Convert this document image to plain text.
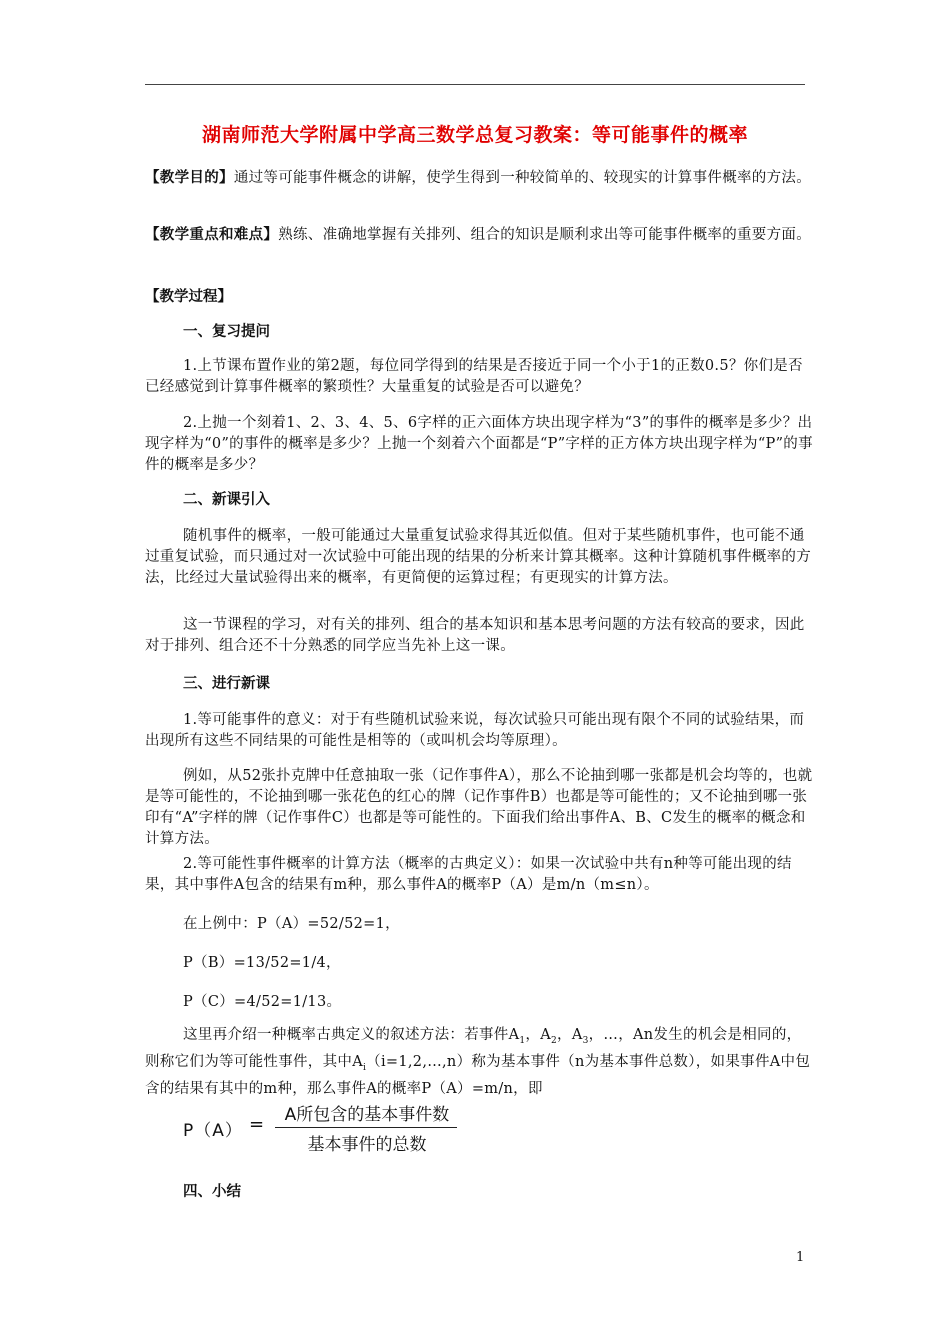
湖南师范大学附属中学高三数学总复习教案：等可能事件的概率
【教学目的】通过等可能事件概念的讲解，使学生得到一种较简单的、较现实的计算事件概率的方法。
【教学重点和难点】熟练、准确地掌握有关排列、组合的知识是顺利求出等可能事件概率的重要方面。
【教学过程】
一、复习提问
1.上节课布置作业的第2题，每位同学得到的结果是否接近于同一个小于1的正数0.5？你们是否已经感觉到计算事件概率的繁琐性？大量重复的试验是否可以避免？
2.上抛一个刻着1、2、3、4、5、6字样的正六面体方块出现字样为“3”的事件的概率是多少？出现字样为“0”的事件的概率是多少？上抛一个刻着六个面都是“P”字样的正方体方块出现字样为“P”的事件的概率是多少？
二、新课引入
随机事件的概率，一般可能通过大量重复试验求得其近似值。但对于某些随机事件，也可能不通过重复试验，而只通过对一次试验中可能出现的结果的分析来计算其概率。这种计算随机事件概率的方法，比经过大量试验得出来的概率，有更简便的运算过程；有更现实的计算方法。
这一节课程的学习，对有关的排列、组合的基本知识和基本思考问题的方法有较高的要求，因此对于排列、组合还不十分熟悉的同学应当先补上这一课。
三、进行新课
1.等可能事件的意义：对于有些随机试验来说，每次试验只可能出现有限个不同的试验结果，而出现所有这些不同结果的可能性是相等的（或叫机会均等原理）。
例如，从52张扑克牌中任意抽取一张（记作事件A），那么不论抽到哪一张都是机会均等的，也就是等可能性的，不论抽到哪一张花色的红心的牌（记作事件B）也都是等可能性的；又不论抽到哪一张印有“A”字样的牌（记作事件C）也都是等可能性的。下面我们给出事件A、B、C发生的概率的概念和计算方法。
2.等可能性事件概率的计算方法（概率的古典定义）：如果一次试验中共有n种等可能出现的结果，其中事件A包含的结果有m种，那么事件A的概率P（A）是m/n（m≤n）。
在上例中：P（A）=52/52=1，
P（B）=13/52=1/4，
P（C）=4/52=1/13。
这里再介绍一种概率古典定义的叙述方法：若事件$A_1$，$A_2$，$A_3$，…，An发生的机会是相同的，则称它们为等可能性事件，其中$A_i(i=1,2,\dots,n)$称为基本事件（n为基本事件总数），如果事件A中包含的结果有其中的m种，那么事件A的概率P（A）=m/n，即
P（A） =	A所包含的基本事件数
基本事件的总数
四、小结
1
